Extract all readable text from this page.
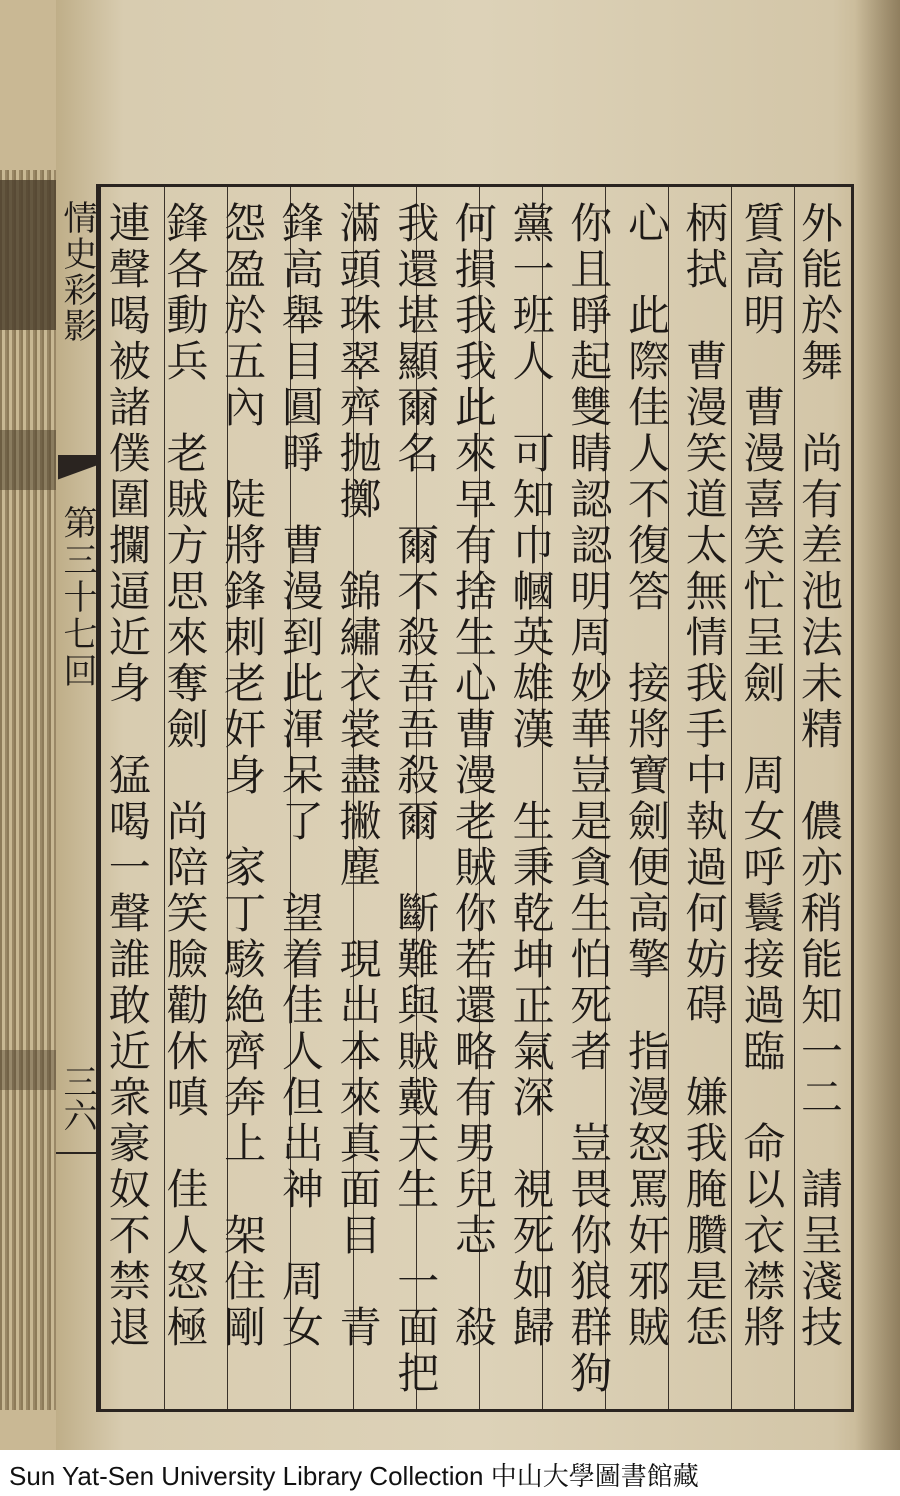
情史彩影
第三十七回
三六	外能於舞　尚有差池法未精　儂亦稍能知一二　請呈淺技
質高明　曹漫喜笑忙呈劍　周女呼鬟接過臨　命以衣襟將
柄拭　曹漫笑道太無情我手中執過何妨碍　嫌我腌臢是恁
心　此際佳人不復答　接將寶劍便高擎　指漫怒罵奸邪賊
你且睜起雙睛認認明周妙華豈是貪生怕死者　豈畏你狼群狗
黨一班人　可知巾幗英雄漢　生秉乾坤正氣深　視死如歸
何損我我此來早有捨生心曹漫老賊你若還略有男兒志　殺
我還堪顯爾名　爾不殺吾吾殺爾　斷難與賊戴天生　一面把
滿頭珠翠齊抛擲　錦繡衣裳盡撇塵　現出本來真面目　青
鋒高舉目圓睜　曹漫到此渾呆了　望着佳人但出神　周女
怨盈於五內　陡將鋒刺老奸身　家丁駭絶齊奔上　架住剛
鋒各動兵　老賊方思來奪劍　尚陪笑臉勸休嗔　佳人怒極
連聲喝被諸僕圍攔逼近身　猛喝一聲誰敢近衆豪奴不禁退
Sun Yat-Sen University Library Collection 中山大學圖書館藏
